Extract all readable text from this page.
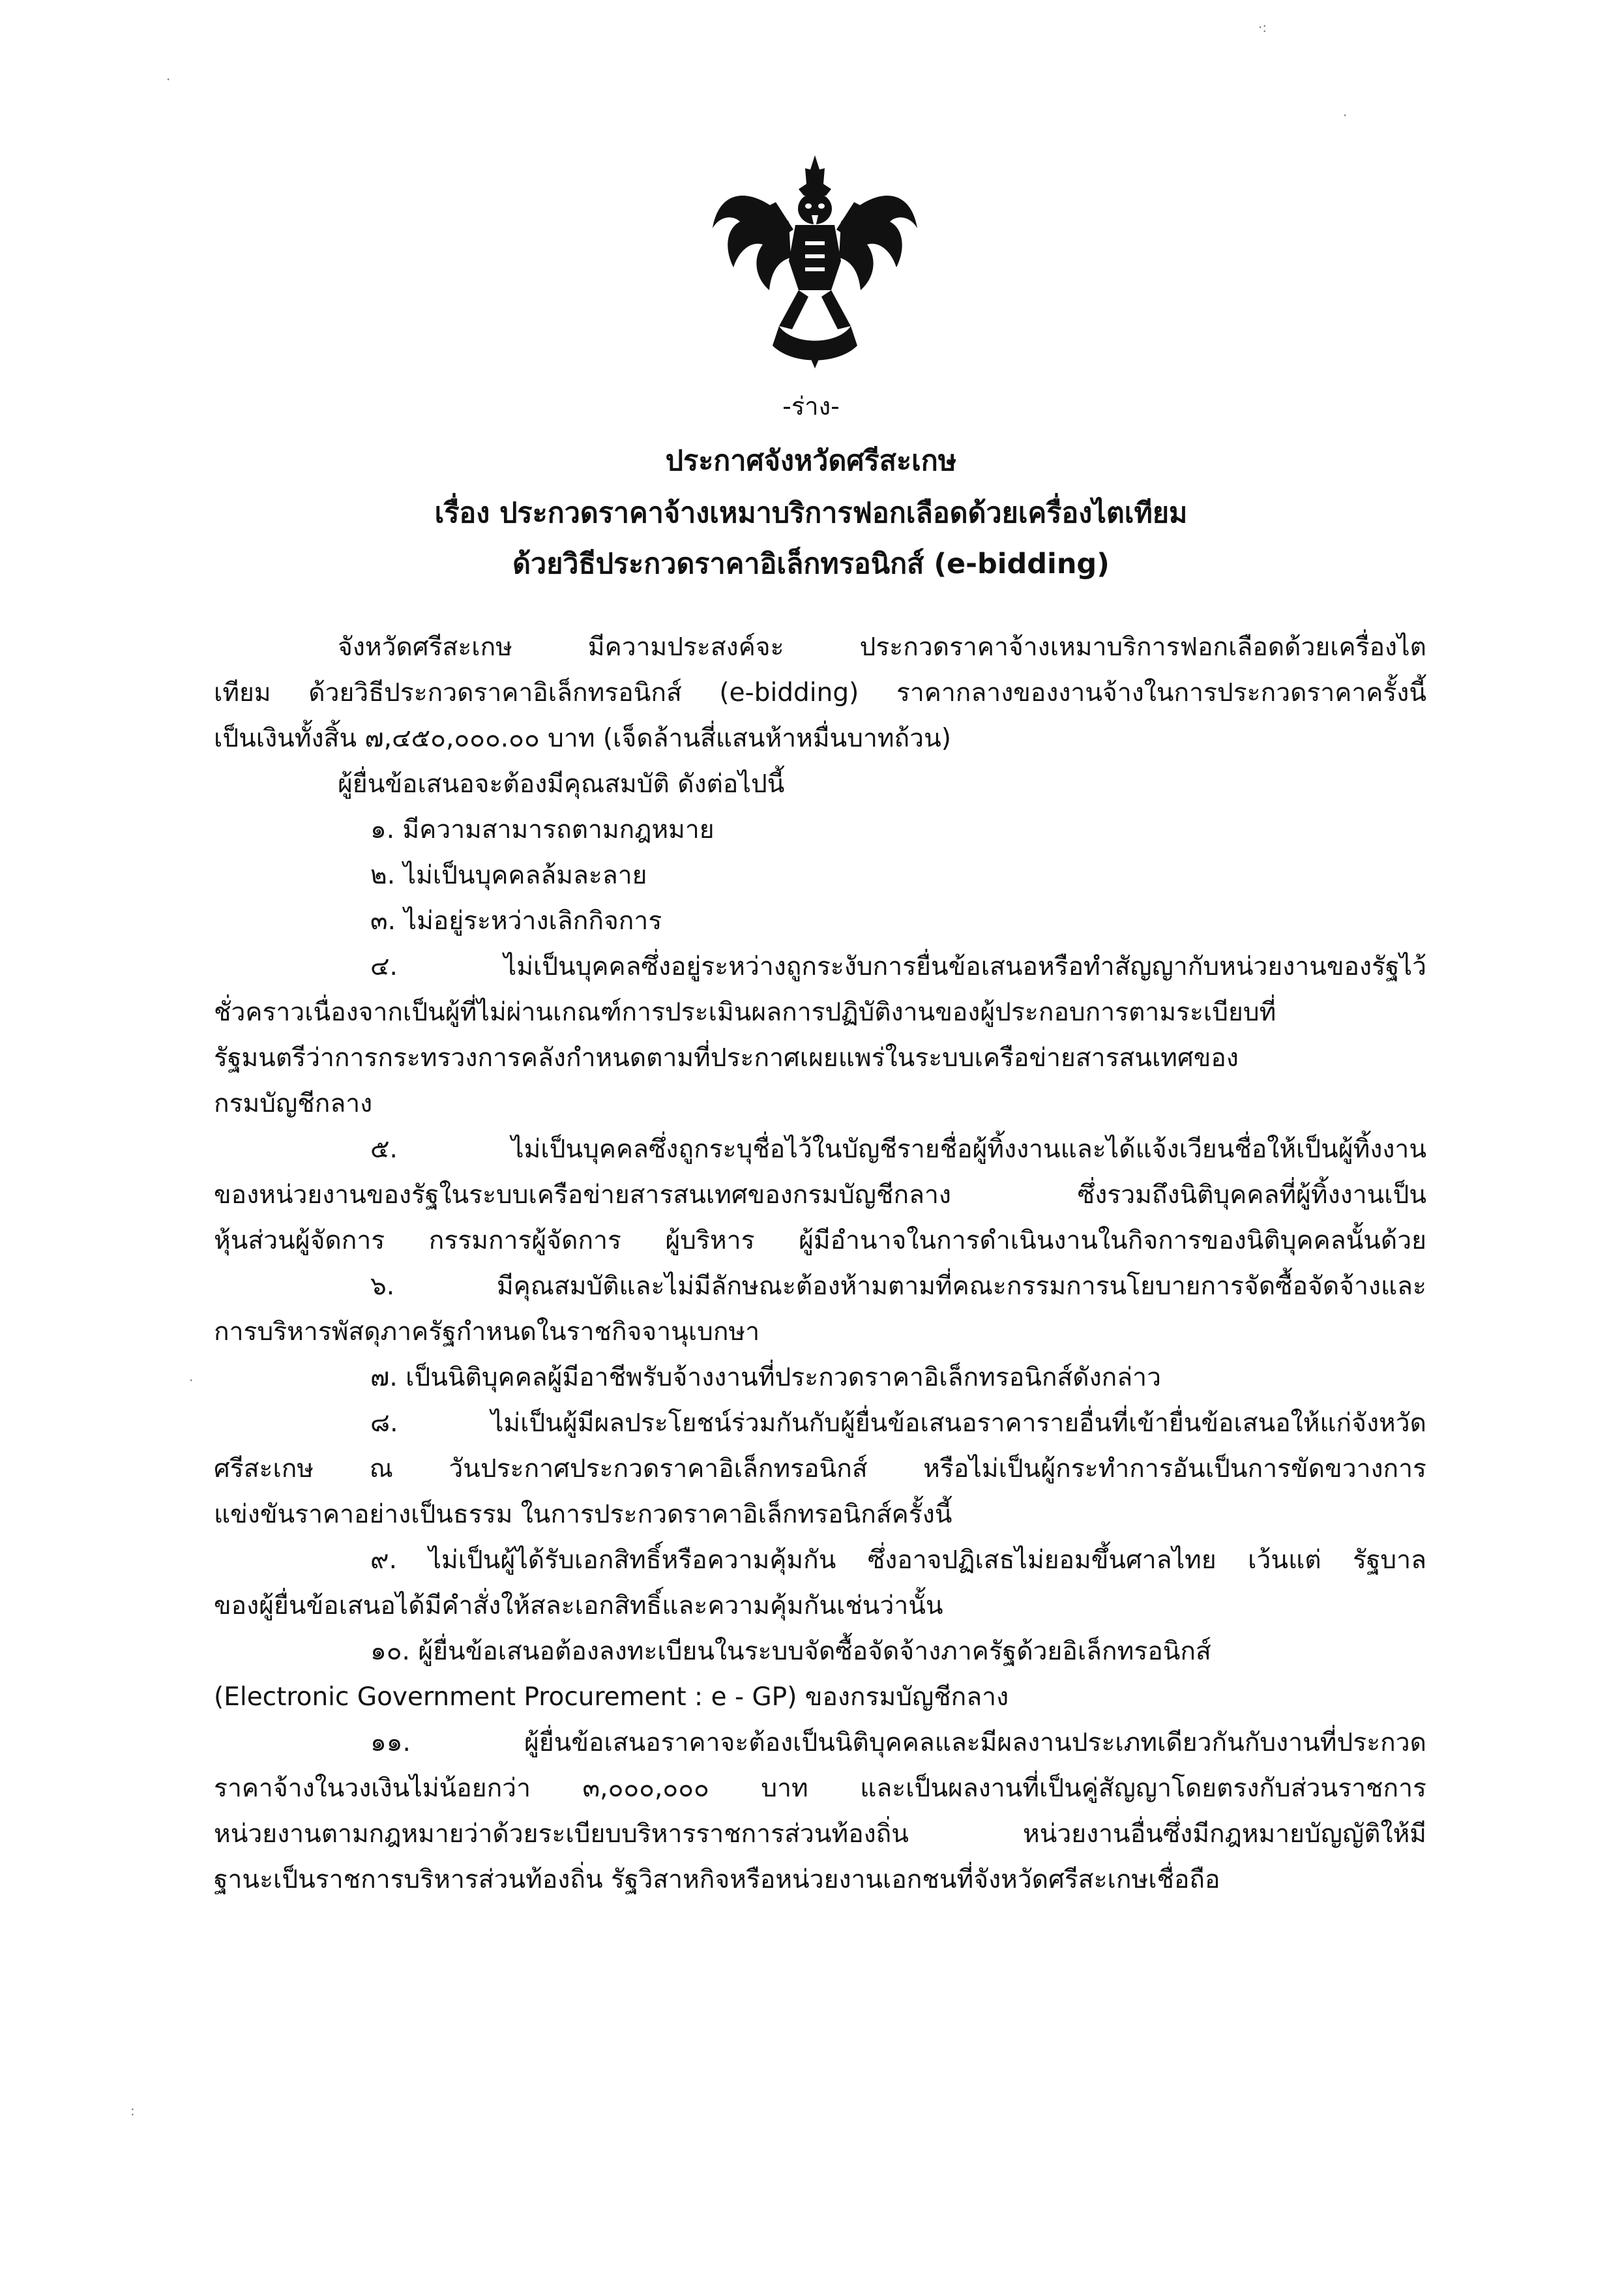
-ร่าง-
ประกาศจังหวัดศรีสะเกษ
เรื่อง ประกวดราคาจ้างเหมาบริการฟอกเลือดด้วยเครื่องไตเทียม
ด้วยวิธีประกวดราคาอิเล็กทรอนิกส์ (e-bidding)
จังหวัดศรีสะเกษ มีความประสงค์จะ ประกวดราคาจ้างเหมาบริการฟอกเลือดด้วยเครื่องไต
เทียม ด้วยวิธีประกวดราคาอิเล็กทรอนิกส์ (e-bidding) ราคากลางของงานจ้างในการประกวดราคาครั้งนี้
เป็นเงินทั้งสิ้น ๗,๔๕๐,๐๐๐.๐๐ บาท (เจ็ดล้านสี่แสนห้าหมื่นบาทถ้วน)
ผู้ยื่นข้อเสนอจะต้องมีคุณสมบัติ ดังต่อไปนี้
๑. มีความสามารถตามกฎหมาย
๒. ไม่เป็นบุคคลล้มละลาย
๓. ไม่อยู่ระหว่างเลิกกิจการ
๔. ไม่เป็นบุคคลซึ่งอยู่ระหว่างถูกระงับการยื่นข้อเสนอหรือทำสัญญากับหน่วยงานของรัฐไว้
ชั่วคราวเนื่องจากเป็นผู้ที่ไม่ผ่านเกณฑ์การประเมินผลการปฏิบัติงานของผู้ประกอบการตามระเบียบที่
รัฐมนตรีว่าการกระทรวงการคลังกำหนดตามที่ประกาศเผยแพร่ในระบบเครือข่ายสารสนเทศของ
กรมบัญชีกลาง
๕. ไม่เป็นบุคคลซึ่งถูกระบุชื่อไว้ในบัญชีรายชื่อผู้ทิ้งงานและได้แจ้งเวียนชื่อให้เป็นผู้ทิ้งงาน
ของหน่วยงานของรัฐในระบบเครือข่ายสารสนเทศของกรมบัญชีกลาง ซึ่งรวมถึงนิติบุคคลที่ผู้ทิ้งงานเป็น
หุ้นส่วนผู้จัดการ กรรมการผู้จัดการ ผู้บริหาร ผู้มีอำนาจในการดำเนินงานในกิจการของนิติบุคคลนั้นด้วย
๖. มีคุณสมบัติและไม่มีลักษณะต้องห้ามตามที่คณะกรรมการนโยบายการจัดซื้อจัดจ้างและ
การบริหารพัสดุภาครัฐกำหนดในราชกิจจานุเบกษา
๗. เป็นนิติบุคคลผู้มีอาชีพรับจ้างงานที่ประกวดราคาอิเล็กทรอนิกส์ดังกล่าว
๘. ไม่เป็นผู้มีผลประโยชน์ร่วมกันกับผู้ยื่นข้อเสนอราคารายอื่นที่เข้ายื่นข้อเสนอให้แก่จังหวัด
ศรีสะเกษ ณ วันประกาศประกวดราคาอิเล็กทรอนิกส์ หรือไม่เป็นผู้กระทำการอันเป็นการขัดขวางการ
แข่งขันราคาอย่างเป็นธรรม ในการประกวดราคาอิเล็กทรอนิกส์ครั้งนี้
๙. ไม่เป็นผู้ได้รับเอกสิทธิ์หรือความคุ้มกัน ซึ่งอาจปฏิเสธไม่ยอมขึ้นศาลไทย เว้นแต่ รัฐบาล
ของผู้ยื่นข้อเสนอได้มีคำสั่งให้สละเอกสิทธิ์และความคุ้มกันเช่นว่านั้น
๑๐. ผู้ยื่นข้อเสนอต้องลงทะเบียนในระบบจัดซื้อจัดจ้างภาครัฐด้วยอิเล็กทรอนิกส์
(Electronic Government Procurement : e - GP) ของกรมบัญชีกลาง
๑๑. ผู้ยื่นข้อเสนอราคาจะต้องเป็นนิติบุคคลและมีผลงานประเภทเดียวกันกับงานที่ประกวด
ราคาจ้างในวงเงินไม่น้อยกว่า ๓,๐๐๐,๐๐๐ บาท และเป็นผลงานที่เป็นคู่สัญญาโดยตรงกับส่วนราชการ
หน่วยงานตามกฎหมายว่าด้วยระเบียบบริหารราชการส่วนท้องถิ่น หน่วยงานอื่นซึ่งมีกฎหมายบัญญัติให้มี
ฐานะเป็นราชการบริหารส่วนท้องถิ่น รัฐวิสาหกิจหรือหน่วยงานเอกชนที่จังหวัดศรีสะเกษเชื่อถือ
·:
·
·
·
:
